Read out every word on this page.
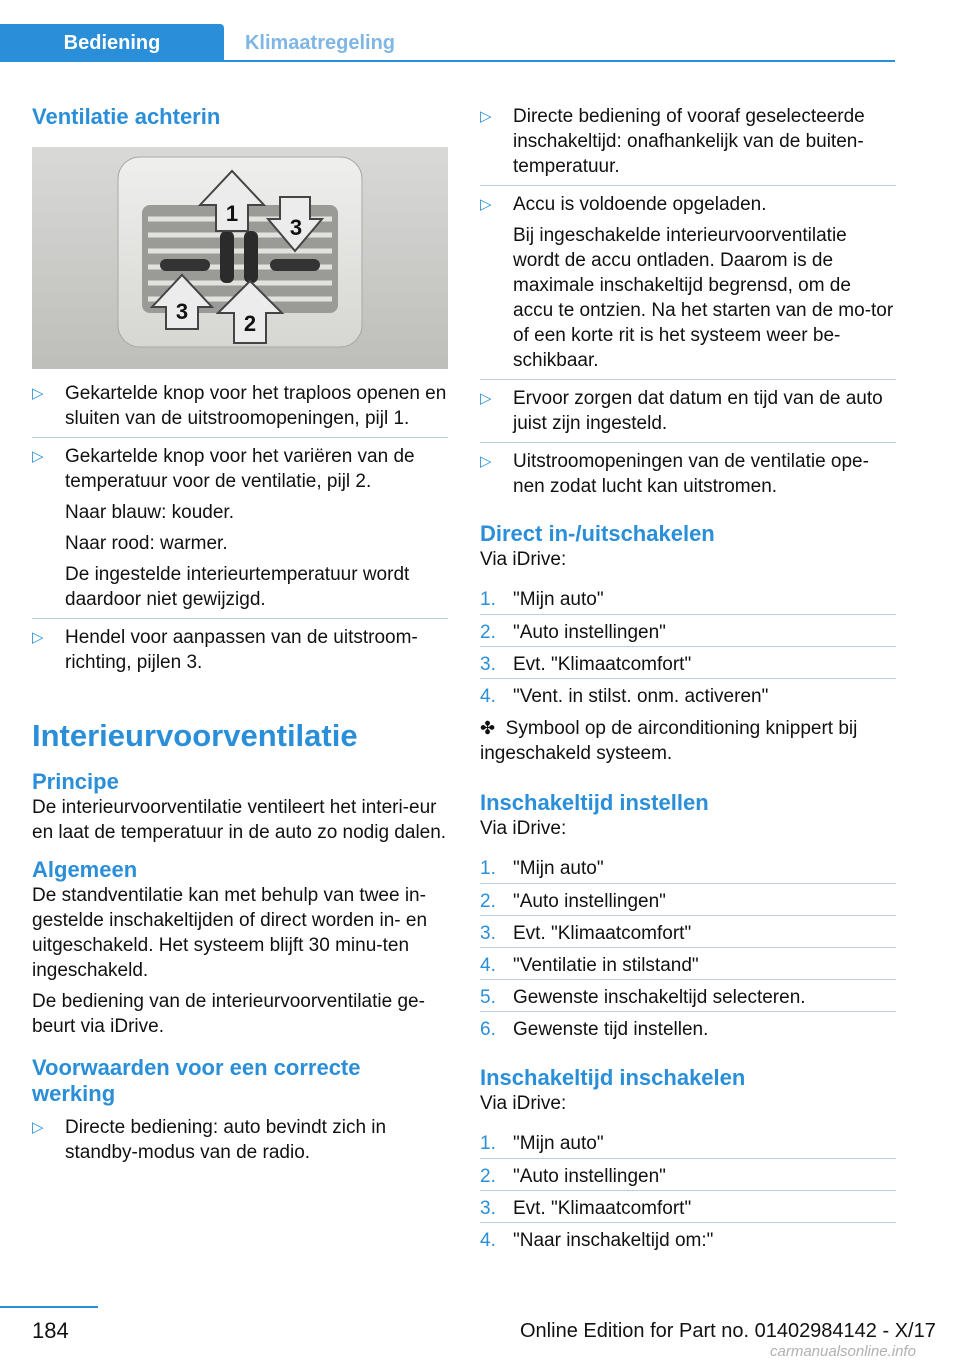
Bediening	Klimaatregeling
Ventilatie achterin
1
2
3
3
▷ Gekartelde knop voor het traploos openen en sluiten van de uitstroomopeningen, pijl 1.
▷ Gekartelde knop voor het variëren van de temperatuur voor de ventilatie, pijl 2.

Naar blauw: kouder.

Naar rood: warmer.

De ingestelde interieurtemperatuur wordt daardoor niet gewijzigd.

▷ Hendel voor aanpassen van de uitstroom-richting, pijlen 3.
Interieurvoorventilatie
Principe

De interieurvoorventilatie ventileert het interi-eur en laat de temperatuur in de auto zo nodig dalen.

Algemeen

De standventilatie kan met behulp van twee in-gestelde inschakeltijden of direct worden in- en uitgeschakeld. Het systeem blijft 30 minu-ten ingeschakeld.

De bediening van de interieurvoorventilatie ge-beurt via iDrive.

Voorwaarden voor een correcte werking
▷ Directe bediening: auto bevindt zich in standby-modus van de radio.
▷ Directe bediening of vooraf geselecteerde inschakeltijd: onafhankelijk van de buiten-temperatuur.
▷ Accu is voldoende opgeladen.

Bij ingeschakelde interieurvoorventilatie wordt de accu ontladen. Daarom is de maximale inschakeltijd begrensd, om de accu te ontzien. Na het starten van de mo-tor of een korte rit is het systeem weer be-schikbaar.

▷ Ervoor zorgen dat datum en tijd van de auto juist zijn ingesteld.
▷ Uitstroomopeningen van de ventilatie ope-nen zodat lucht kan uitstromen.
Direct in-/uitschakelen

Via iDrive:

1. "Mijn auto"
2. "Auto instellingen"
3. Evt. "Klimaatcomfort"
4. "Vent. in stilst. onm. activeren"

✤ Symbool op de airconditioning knippert bij ingeschakeld systeem.

Inschakeltijd instellen

Via iDrive:

1. "Mijn auto"
2. "Auto instellingen"
3. Evt. "Klimaatcomfort"
4. "Ventilatie in stilstand"
5. Gewenste inschakeltijd selecteren.
6. Gewenste tijd instellen.
Inschakeltijd inschakelen

Via iDrive:

1. "Mijn auto"
2. "Auto instellingen"
3. Evt. "Klimaatcomfort"
4. "Naar inschakeltijd om:"
184	Online Edition for Part no. 01402984142 - X/17
carmanualsonline.info
